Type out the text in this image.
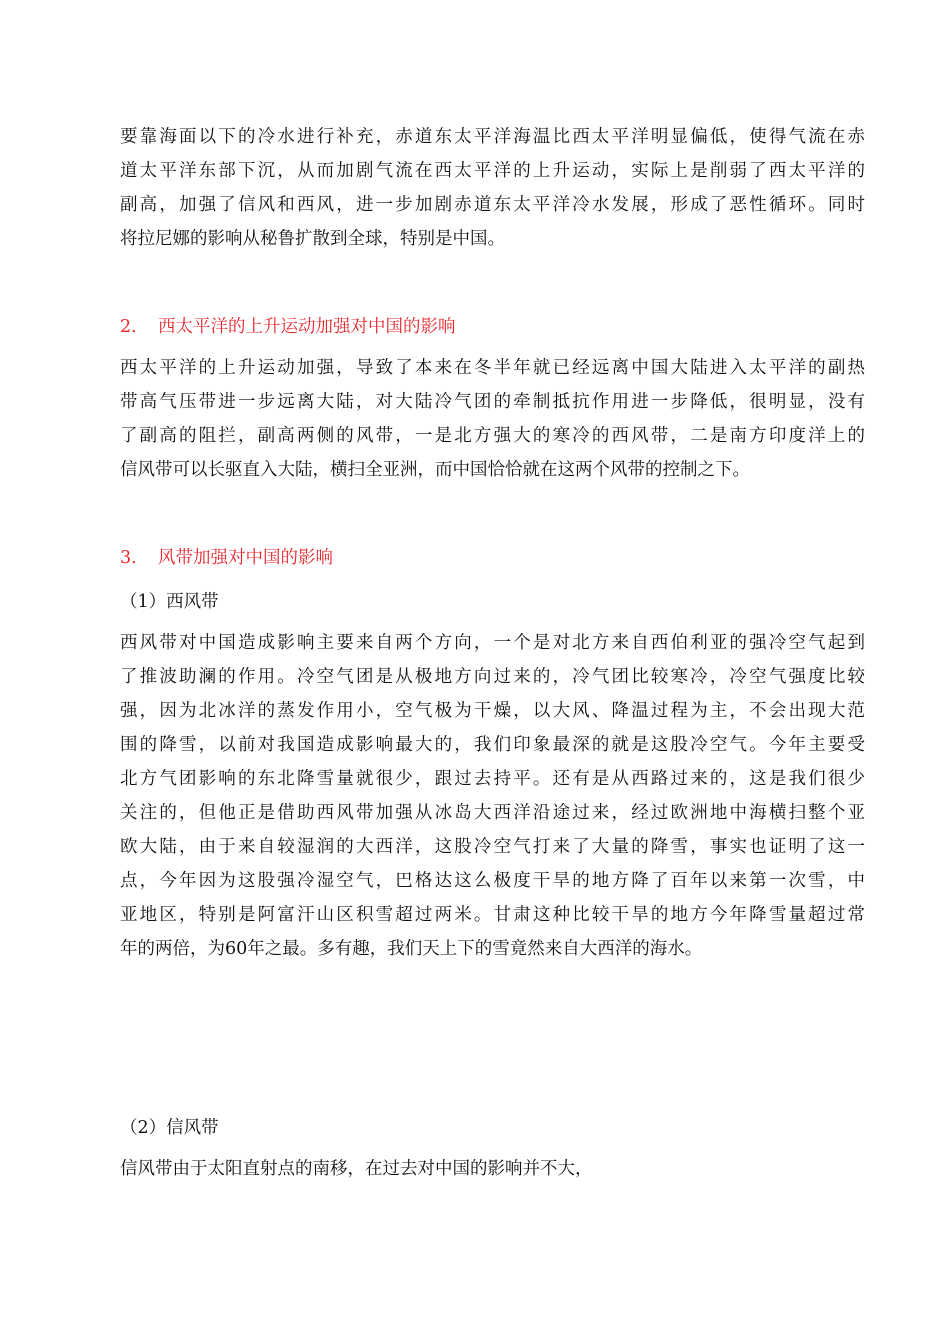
要靠海面以下的冷水进行补充，赤道东太平洋海温比西太平洋明显偏低，使得气流在赤
道太平洋东部下沉，从而加剧气流在西太平洋的上升运动，实际上是削弱了西太平洋的
副高，加强了信风和西风，进一步加剧赤道东太平洋冷水发展，形成了恶性循环。同时
将拉尼娜的影响从秘鲁扩散到全球，特别是中国。
2. 西太平洋的上升运动加强对中国的影响
西太平洋的上升运动加强，导致了本来在冬半年就已经远离中国大陆进入太平洋的副热
带高气压带进一步远离大陆，对大陆冷气团的牵制抵抗作用进一步降低，很明显，没有
了副高的阻拦，副高两侧的风带，一是北方强大的寒冷的西风带，二是南方印度洋上的
信风带可以长驱直入大陆，横扫全亚洲，而中国恰恰就在这两个风带的控制之下。
3. 风带加强对中国的影响
（1）西风带
西风带对中国造成影响主要来自两个方向，一个是对北方来自西伯利亚的强冷空气起到
了推波助澜的作用。冷空气团是从极地方向过来的，冷气团比较寒冷，冷空气强度比较
强，因为北冰洋的蒸发作用小，空气极为干燥，以大风、降温过程为主，不会出现大范
围的降雪，以前对我国造成影响最大的，我们印象最深的就是这股冷空气。今年主要受
北方气团影响的东北降雪量就很少，跟过去持平。还有是从西路过来的，这是我们很少
关注的，但他正是借助西风带加强从冰岛大西洋沿途过来，经过欧洲地中海横扫整个亚
欧大陆，由于来自较湿润的大西洋，这股冷空气打来了大量的降雪，事实也证明了这一
点，今年因为这股强冷湿空气，巴格达这么极度干旱的地方降了百年以来第一次雪，中
亚地区，特别是阿富汗山区积雪超过两米。甘肃这种比较干旱的地方今年降雪量超过常
年的两倍，为60年之最。多有趣，我们天上下的雪竟然来自大西洋的海水。
（2）信风带
信风带由于太阳直射点的南移，在过去对中国的影响并不大，
